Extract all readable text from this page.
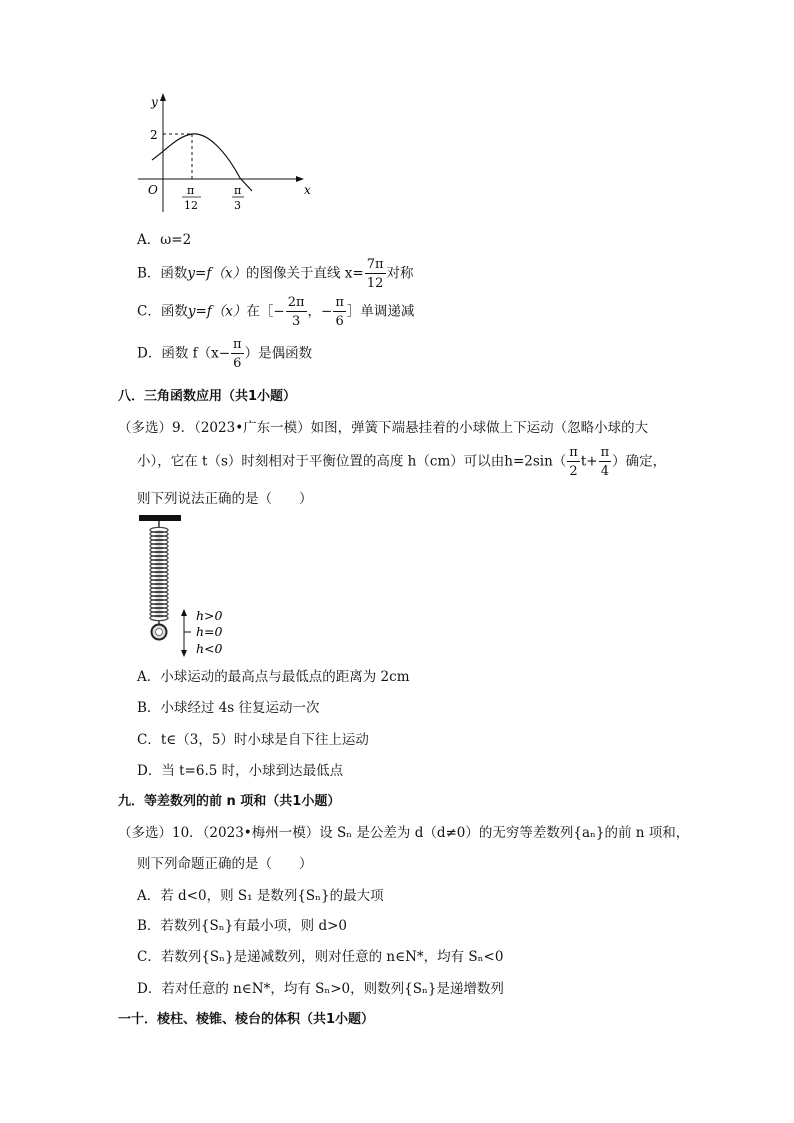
y
x
O
2
π
12
π
3
A．ω=2
B．函数y=f（x）的图像关于直线 $x= \frac{7\pi}{12}$ 对称
C．函数y=f（x）在［− $\frac{2\pi}{3}$ ，− $\frac{\pi}{6}$ ］单调递减
D．函数 $f(x- \frac{\pi}{6}$ ）是偶函数
八．三角函数应用（共1小题）
（多选）9．（2023•广东一模）如图，弹簧下端悬挂着的小球做上下运动（忽略小球的大
小），它在 t（s）时刻相对于平衡位置的高度 h（cm）可以由$h=2\sin( \frac{\pi}{2} t+ \frac{\pi}{4}$ ）确定，
则下列说法正确的是（　　）
h>0
h=0
h<0
A．小球运动的最高点与最低点的距离为 2cm
B．小球经过 4s 往复运动一次
C．t∈（3，5）时小球是自下往上运动
D．当 t=6.5 时，小球到达最低点
九．等差数列的前 n 项和（共1小题）
（多选）10．（2023•梅州一模）设 Sₙ 是公差为 d（d≠0）的无穷等差数列{aₙ}的前 n 项和，
则下列命题正确的是（　　）
A．若 d<0，则 S₁ 是数列{Sₙ}的最大项
B．若数列{Sₙ}有最小项，则 d>0
C．若数列{Sₙ}是递减数列，则对任意的 n∈N*，均有 Sₙ<0
D．若对任意的 n∈N*，均有 Sₙ>0，则数列{Sₙ}是递增数列
一十．棱柱、棱锥、棱台的体积（共1小题）
